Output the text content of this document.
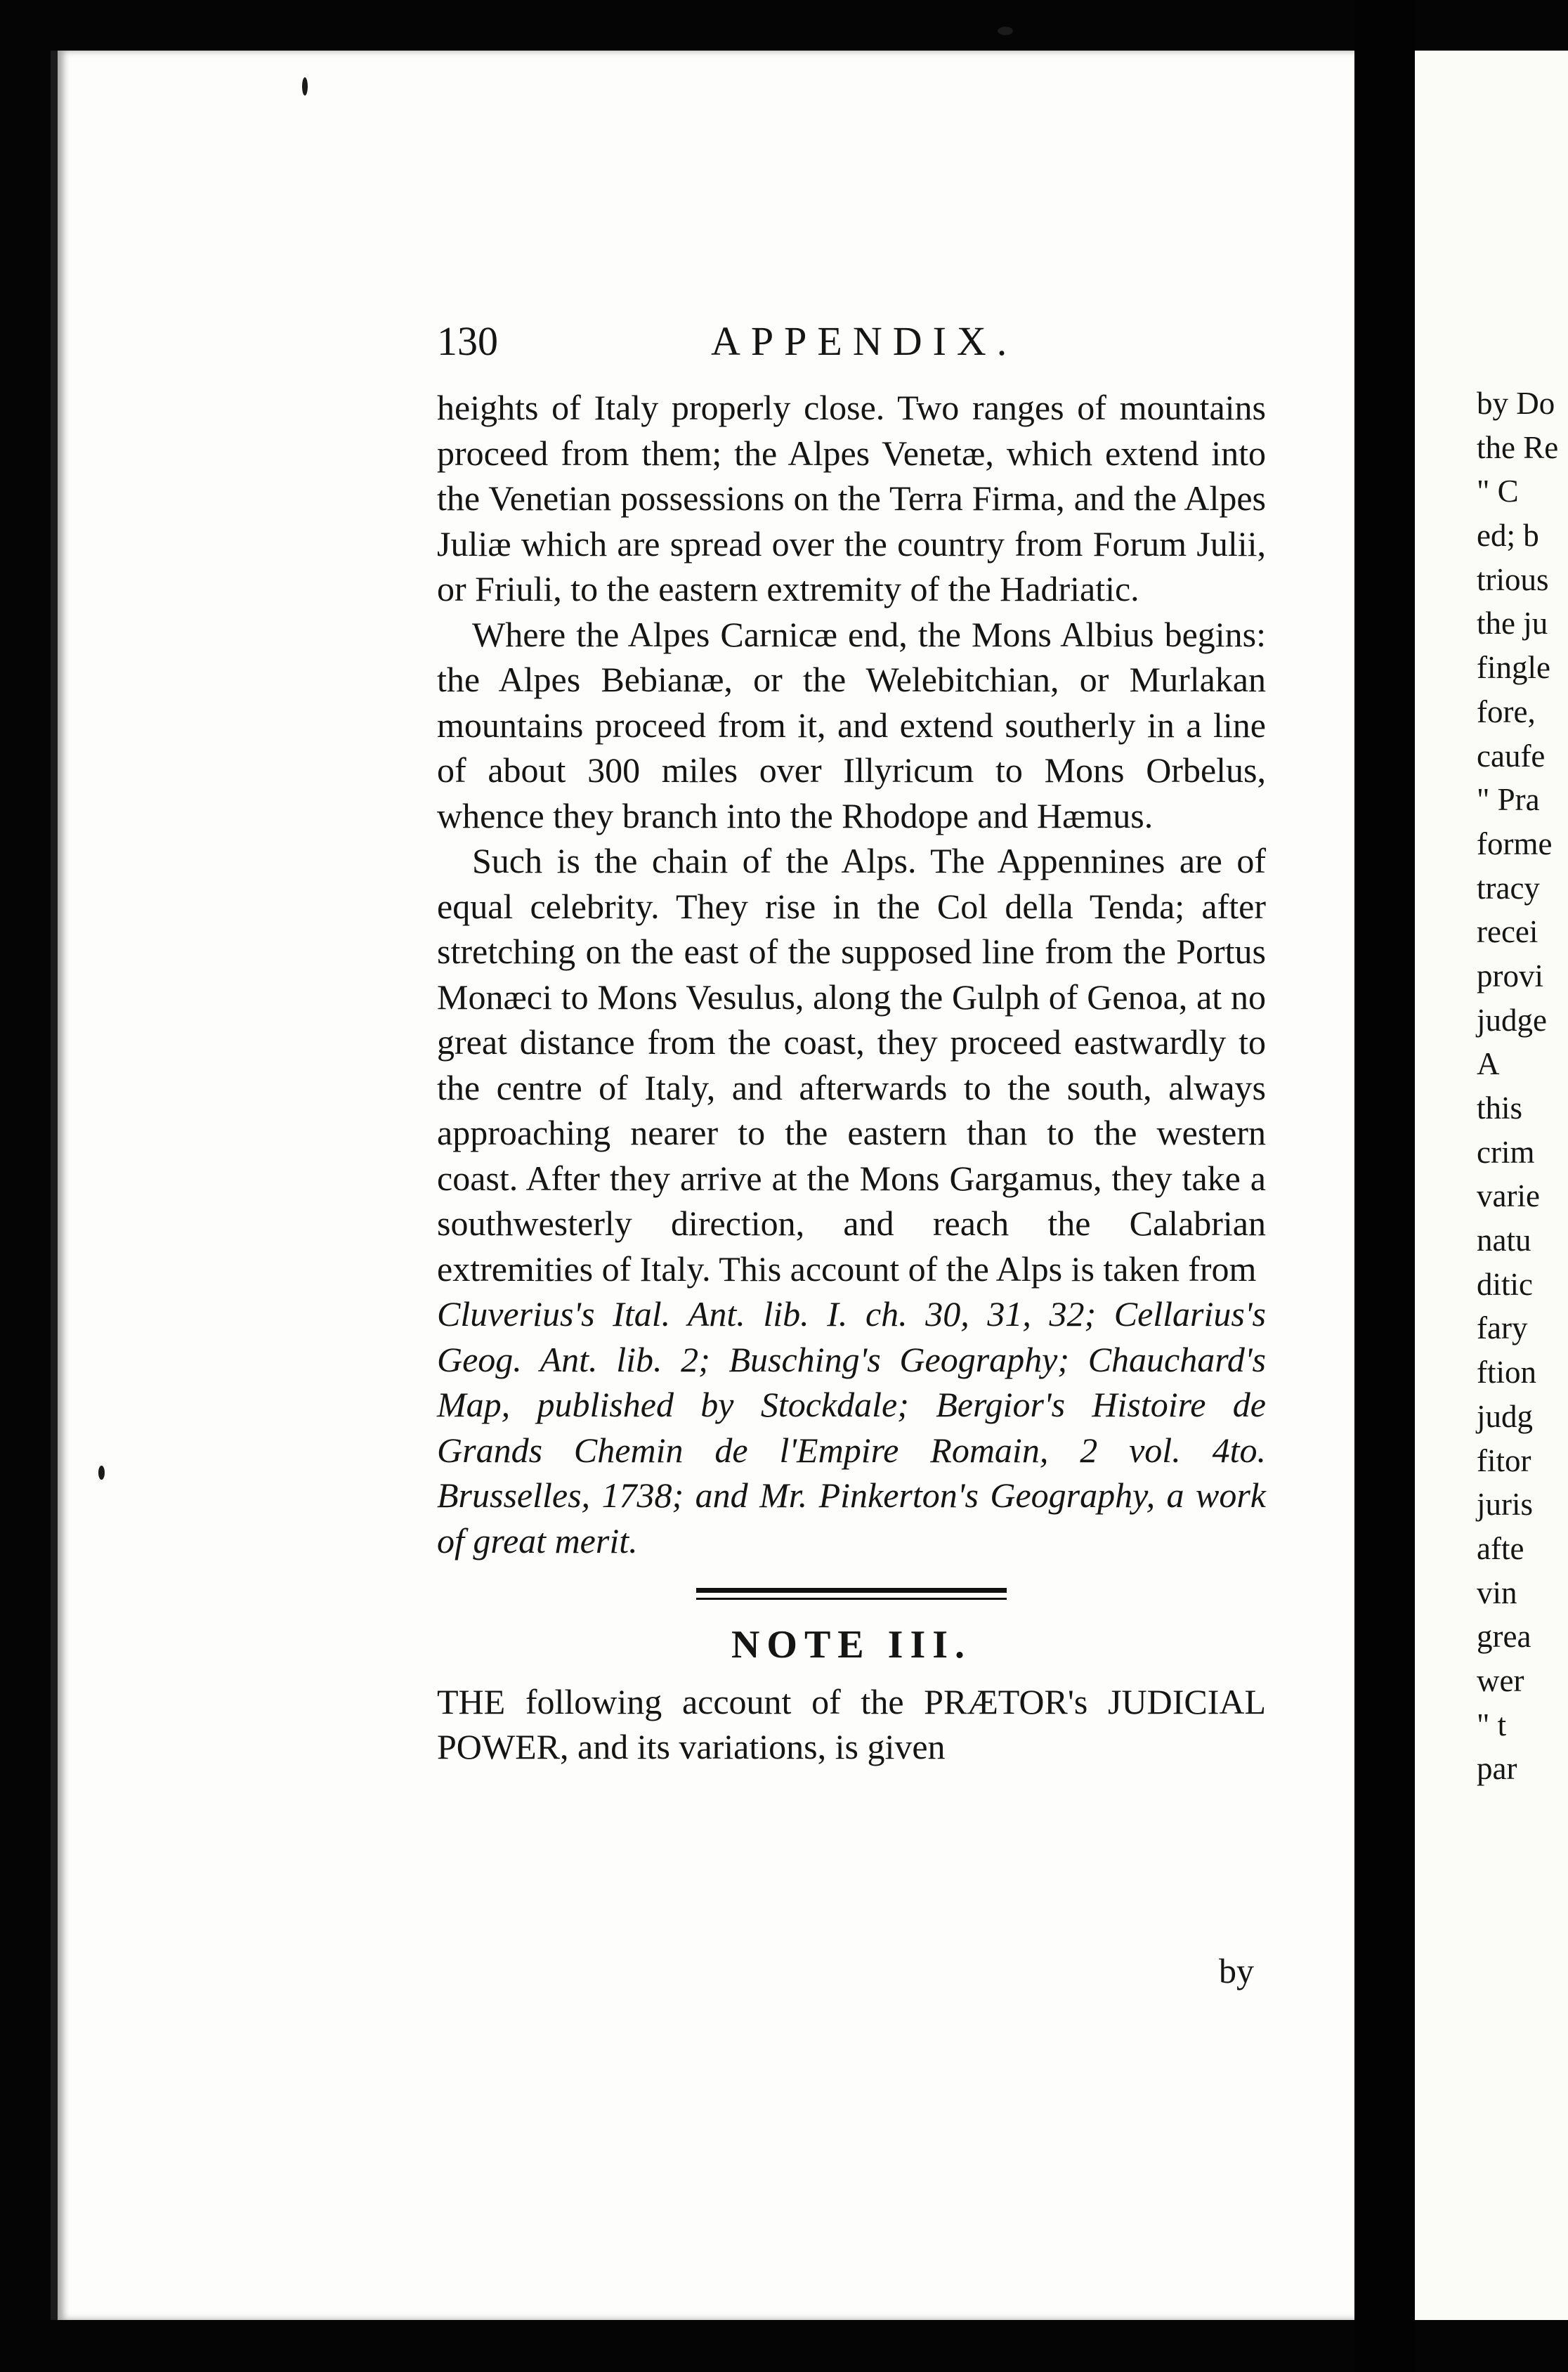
130	APPENDIX.

heights of Italy properly close. Two ranges of mountains proceed from them; the Alpes Venetæ, which extend into the Venetian possessions on the Terra Firma, and the Alpes Juliæ which are spread over the country from Forum Julii, or Friuli, to the eastern extremity of the Hadriatic.

Where the Alpes Carnicæ end, the Mons Albius begins: the Alpes Bebianæ, or the Welebitchian, or Murlakan mountains proceed from it, and extend southerly in a line of about 300 miles over Illyricum to Mons Orbelus, whence they branch into the Rhodope and Hæmus.

Such is the chain of the Alps. The Appennines are of equal celebrity. They rise in the Col della Tenda; after stretching on the east of the supposed line from the Portus Monæci to Mons Vesulus, along the Gulph of Genoa, at no great distance from the coast, they proceed eastwardly to the centre of Italy, and afterwards to the south, always approaching nearer to the eastern than to the western coast. After they arrive at the Mons Gargamus, they take a southwesterly direction, and reach the Calabrian extremities of Italy. This account of the Alps is taken from

Cluverius's Ital. Ant. lib. I. ch. 30, 31, 32; Cellarius's Geog. Ant. lib. 2; Busching's Geography; Chauchard's Map, published by Stockdale; Bergior's Histoire de Grands Chemin de l'Empire Romain, 2 vol. 4to. Brusselles, 1738; and Mr. Pinkerton's Geography, a work of great merit.

NOTE III.

THE following account of the PRÆTOR's JUDICIAL POWER, and its variations, is given

by
by Do
the Re
" C
ed; b
trious
the ju
fingle
fore,
caufe
" Pra
forme
tracy
recei
provi
judge
A
this
crim
varie
natu
ditic
fary
ftion
judg
fitor
juris
afte
vin
grea
wer
" t
par
